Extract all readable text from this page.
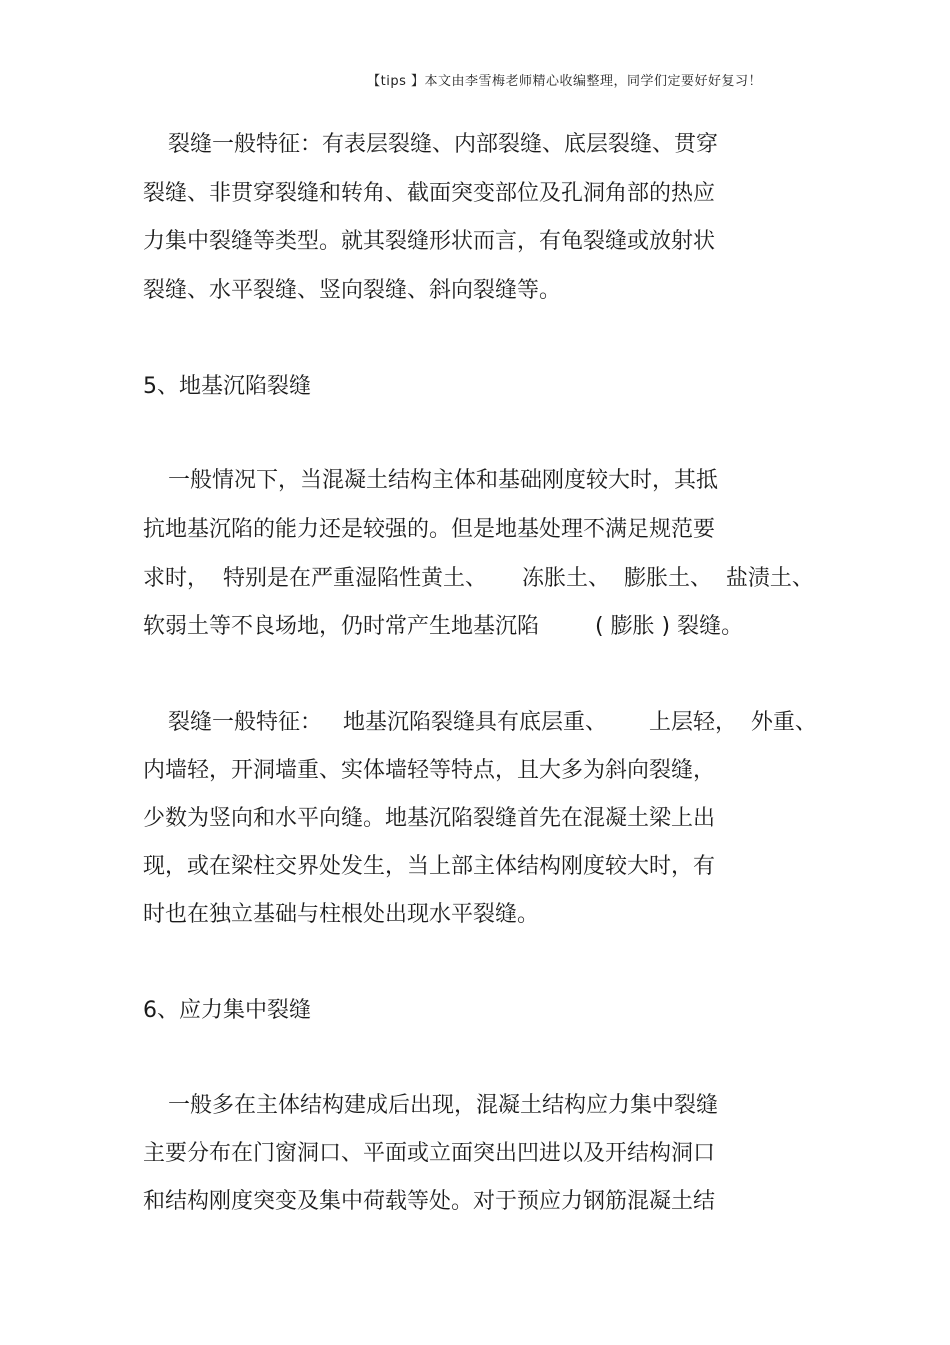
【tips 】本文由李雪梅老师精心收编整理，同学们定要好好复习！
裂缝一般特征：有表层裂缝、内部裂缝、底层裂缝、贯穿
裂缝、非贯穿裂缝和转角、截面突变部位及孔洞角部的热应
力集中裂缝等类型。就其裂缝形状而言，有龟裂缝或放射状
裂缝、水平裂缝、竖向裂缝、斜向裂缝等。
5、地基沉陷裂缝
一般情况下，当混凝土结构主体和基础刚度较大时，其抵
抗地基沉陷的能力还是较强的。但是地基处理不满足规范要
求时，  特别是在严重湿陷性黄土、     冻胀土、  膨胀土、  盐渍土、
软弱土等不良场地，仍时常产生地基沉陷        ( 膨胀 ) 裂缝。
裂缝一般特征：   地基沉陷裂缝具有底层重、      上层轻，  外重、
内墙轻，开洞墙重、实体墙轻等特点，且大多为斜向裂缝，
少数为竖向和水平向缝。地基沉陷裂缝首先在混凝土梁上出
现，或在梁柱交界处发生，当上部主体结构刚度较大时，有
时也在独立基础与柱根处出现水平裂缝。
6、应力集中裂缝
一般多在主体结构建成后出现，混凝土结构应力集中裂缝
主要分布在门窗洞口、平面或立面突出凹进以及开结构洞口
和结构刚度突变及集中荷载等处。对于预应力钢筋混凝土结
